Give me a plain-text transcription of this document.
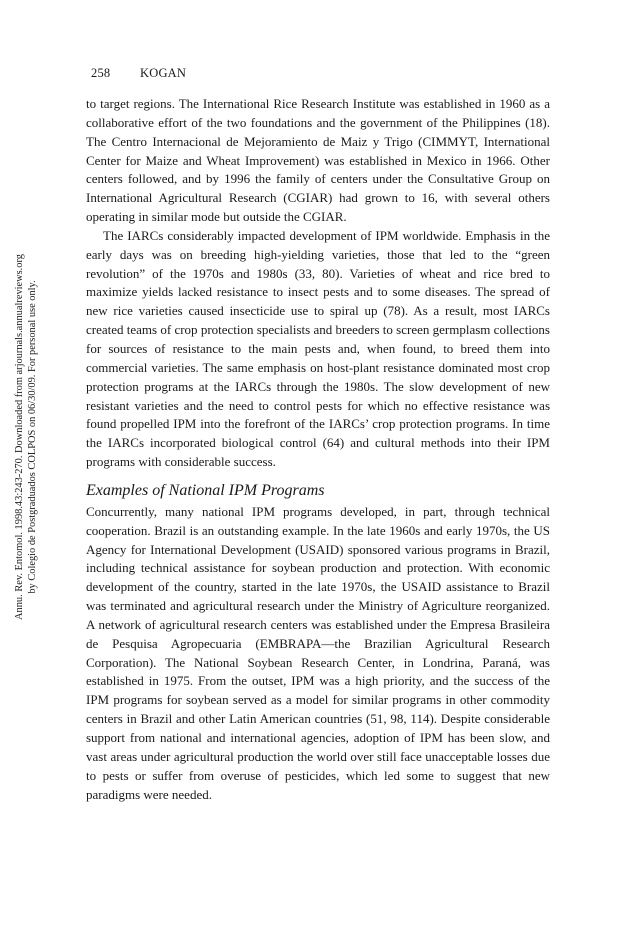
Annu. Rev. Entomol. 1998.43:243-270. Downloaded from arjournals.annualreviews.org by Colegio de Postgraduados COLPOS on 06/30/09. For personal use only.
258 KOGAN

to target regions. The International Rice Research Institute was established in 1960 as a collaborative effort of the two foundations and the government of the Philippines (18). The Centro Internacional de Mejoramiento de Maiz y Trigo (CIMMYT, International Center for Maize and Wheat Improvement) was established in Mexico in 1966. Other centers followed, and by 1996 the family of centers under the Consultative Group on International Agricultural Research (CGIAR) had grown to 16, with several others operating in similar mode but outside the CGIAR.

The IARCs considerably impacted development of IPM worldwide. Emphasis in the early days was on breeding high-yielding varieties, those that led to the “green revolution” of the 1970s and 1980s (33, 80). Varieties of wheat and rice bred to maximize yields lacked resistance to insect pests and to some diseases. The spread of new rice varieties caused insecticide use to spiral up (78). As a result, most IARCs created teams of crop protection specialists and breeders to screen germplasm collections for sources of resistance to the main pests and, when found, to breed them into commercial varieties. The same emphasis on host-plant resistance dominated most crop protection programs at the IARCs through the 1980s. The slow development of new resistant varieties and the need to control pests for which no effective resistance was found propelled IPM into the forefront of the IARCs’ crop protection programs. In time the IARCs incorporated biological control (64) and cultural methods into their IPM programs with considerable success.

Examples of National IPM Programs

Concurrently, many national IPM programs developed, in part, through technical cooperation. Brazil is an outstanding example. In the late 1960s and early 1970s, the US Agency for International Development (USAID) sponsored various programs in Brazil, including technical assistance for soybean production and protection. With economic development of the country, started in the late 1970s, the USAID assistance to Brazil was terminated and agricultural research under the Ministry of Agriculture reorganized. A network of agricultural research centers was established under the Empresa Brasileira de Pesquisa Agropecuaria (EMBRAPA—the Brazilian Agricultural Research Corporation). The National Soybean Research Center, in Londrina, Paraná, was established in 1975. From the outset, IPM was a high priority, and the success of the IPM programs for soybean served as a model for similar programs in other commodity centers in Brazil and other Latin American countries (51, 98, 114). Despite considerable support from national and international agencies, adoption of IPM has been slow, and vast areas under agricultural production the world over still face unacceptable losses due to pests or suffer from overuse of pesticides, which led some to suggest that new paradigms were needed.
